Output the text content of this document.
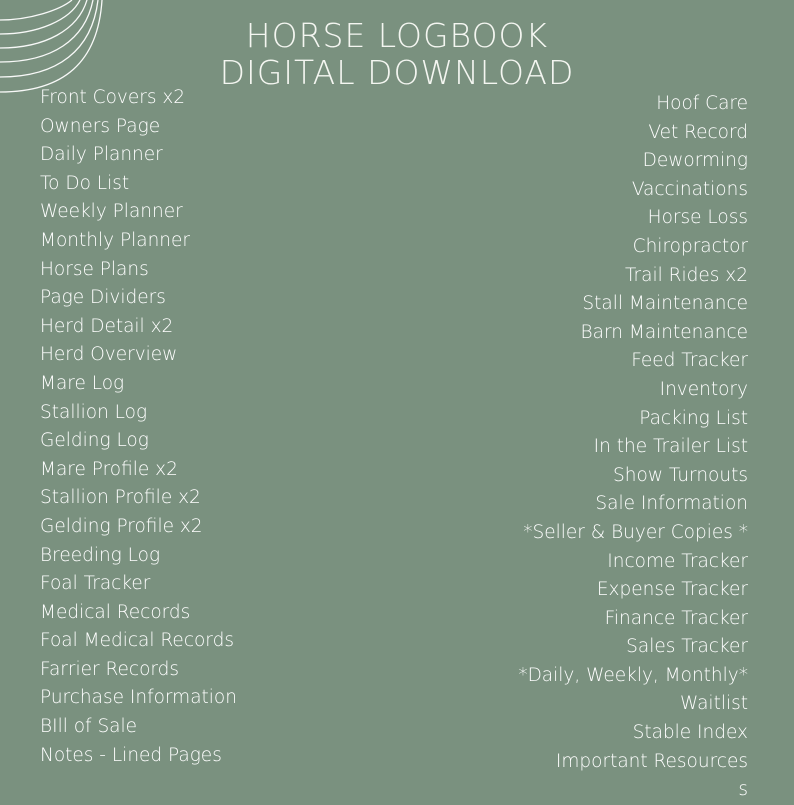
HORSE LOGBOOK
DIGITAL DOWNLOAD
Front Covers x2
Owners Page
Daily Planner
To Do List
Weekly Planner
Monthly Planner
Horse Plans
Page Dividers
Herd Detail x2
Herd Overview
Mare Log
Stallion Log
Gelding Log
Mare Profile x2
Stallion Profile x2
Gelding Profile x2
Breeding Log
Foal Tracker
Medical Records
Foal Medical Records
Farrier Records
Purchase Information
BIll of Sale
Notes - Lined Pages
Hoof Care
Vet Record
Deworming
Vaccinations
Horse Loss
Chiropractor
Trail Rides x2
Stall Maintenance
Barn Maintenance
Feed Tracker
Inventory
Packing List
In the Trailer List
Show Turnouts
Sale Information
*Seller & Buyer Copies *
Income Tracker
Expense Tracker
Finance Tracker
Sales Tracker
*Daily, Weekly, Monthly*
Waitlist
Stable Index
Important Resources
s
